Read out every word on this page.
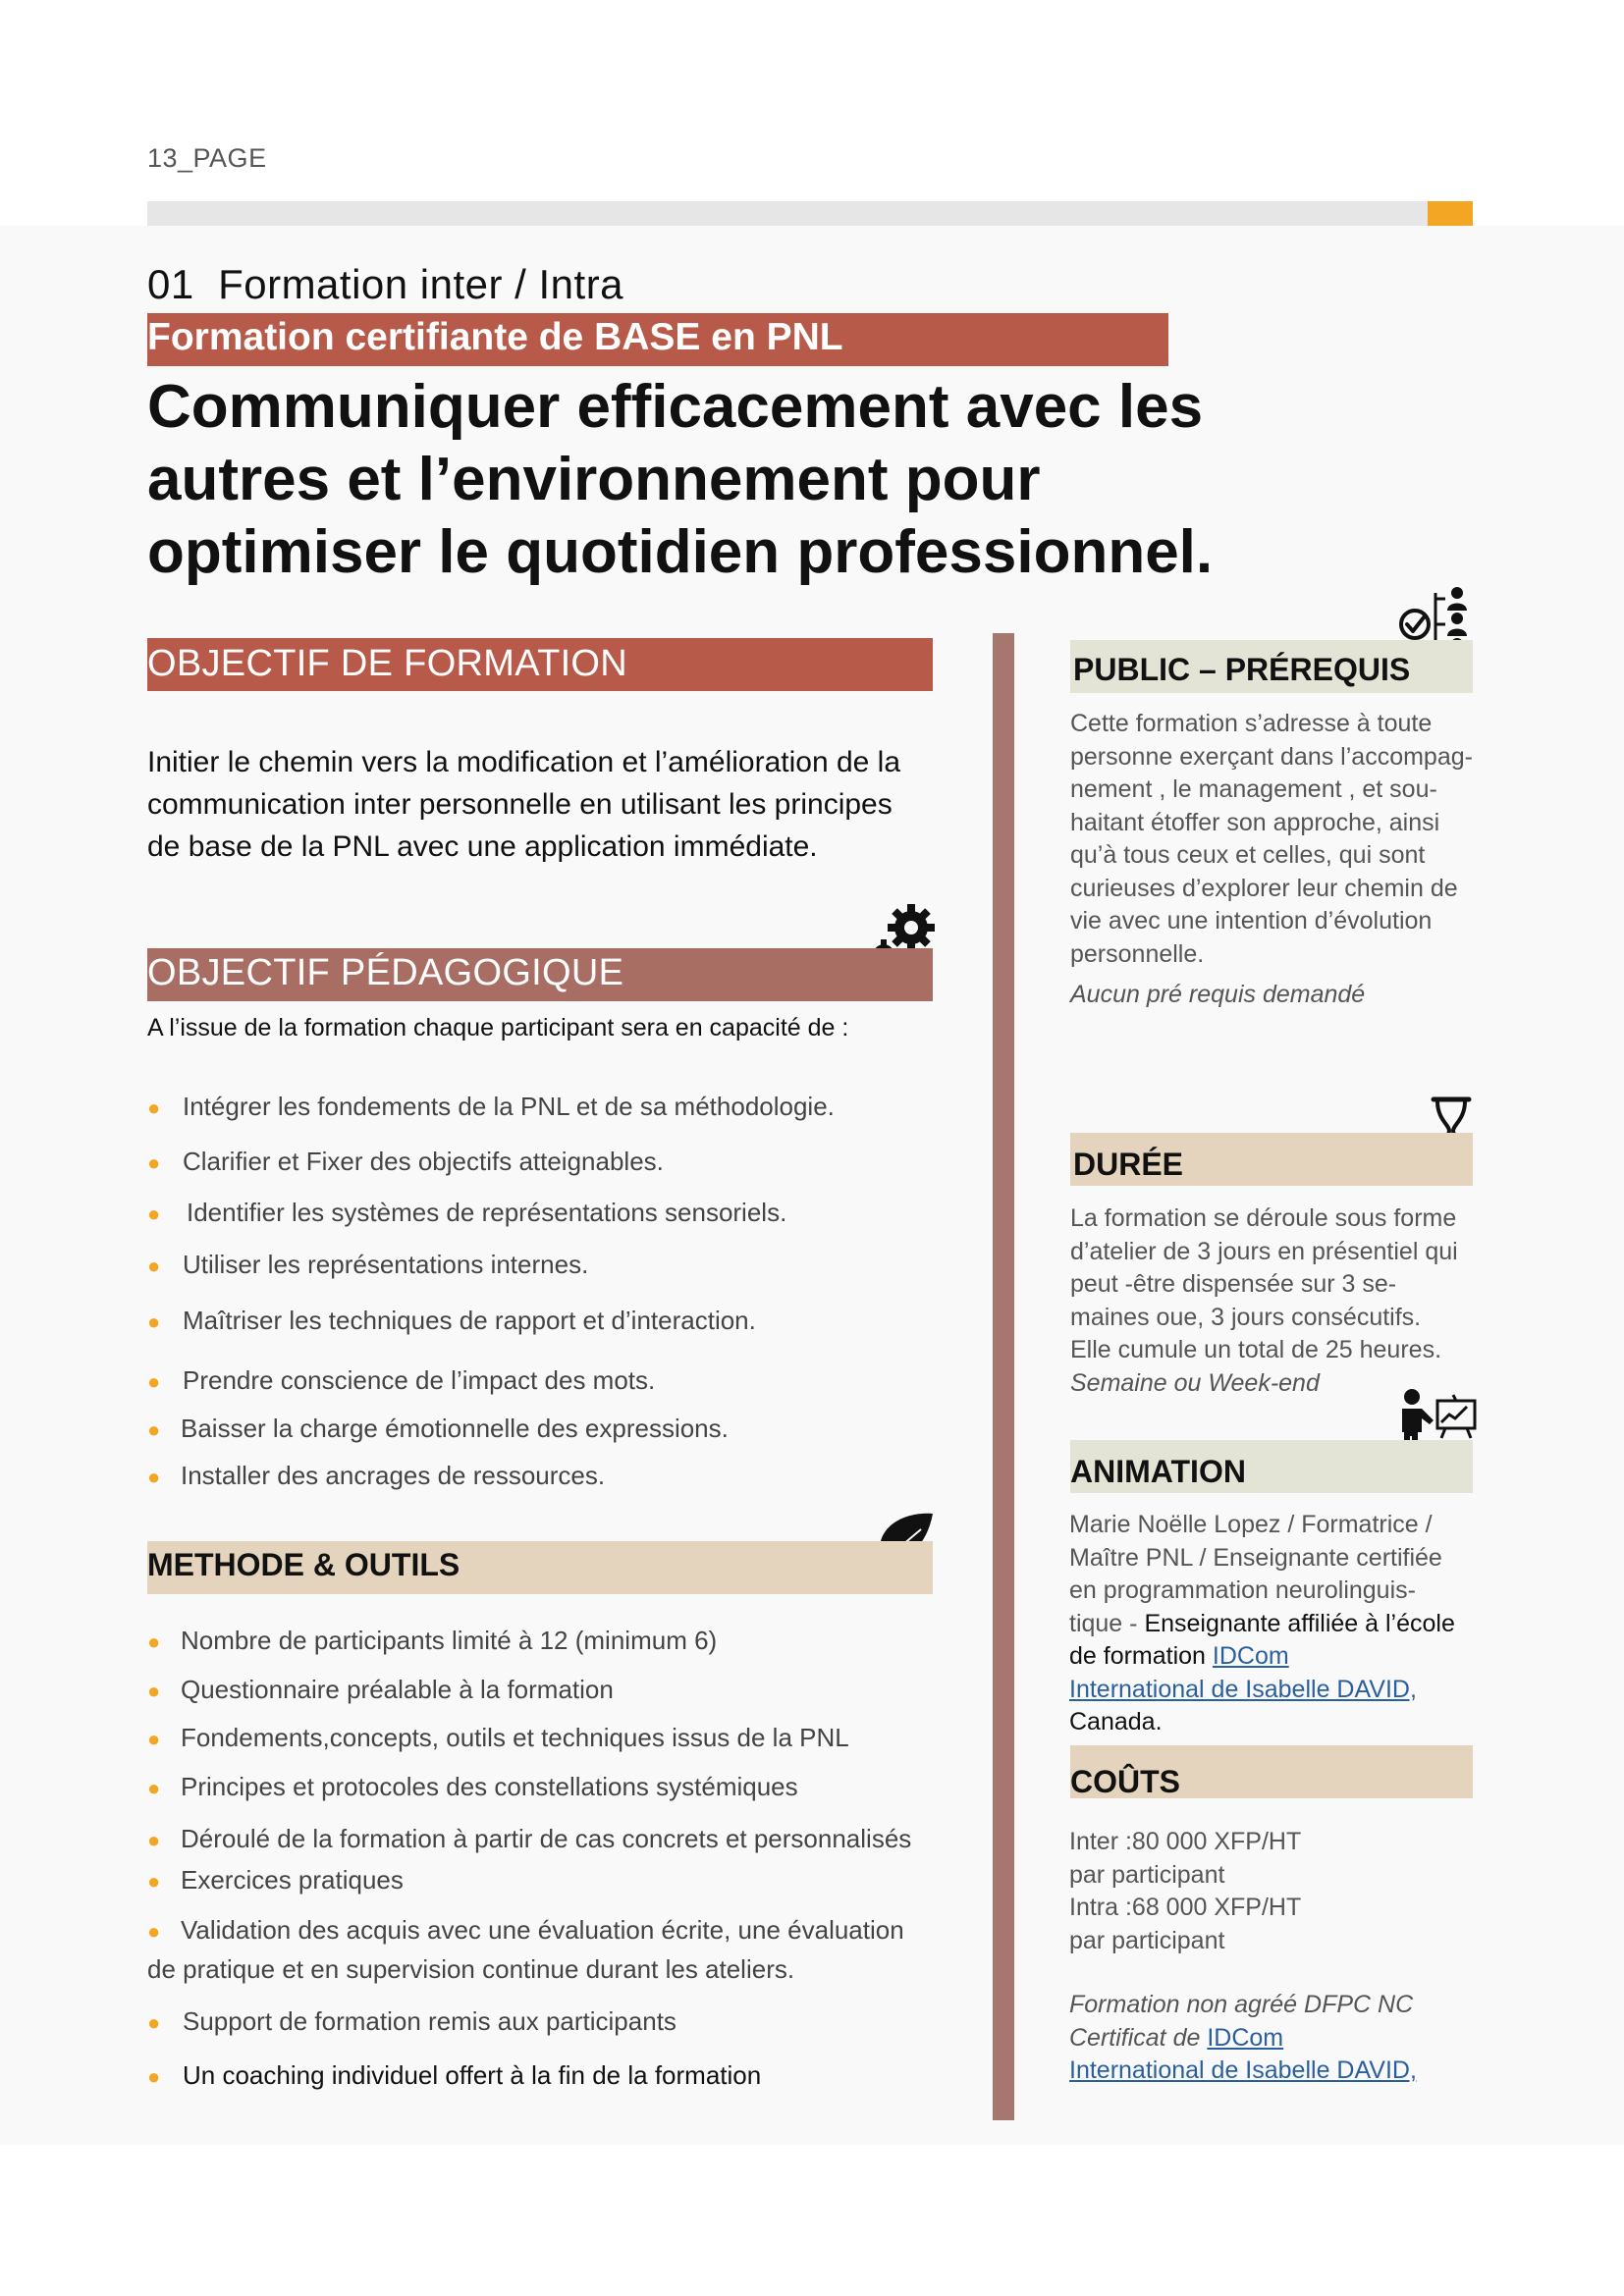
13_PAGE
01 Formation inter / Intra
Formation certifiante de BASE en PNL
Communiquer efficacement avec les
autres et l’environnement pour
optimiser le quotidien professionnel.
OBJECTIF DE FORMATION
Initier le chemin vers la modification et l’amélioration de la
communication inter personnelle en utilisant les principes
de base de la PNL avec une application immédiate.
OBJECTIF PÉDAGOGIQUE
A l’issue de la formation chaque participant sera en capacité de :
● Intégrer les fondements de la PNL et de sa méthodologie.
● Clarifier et Fixer des objectifs atteignables.
● Identifier les systèmes de représentations sensoriels.
● Utiliser les représentations internes.
● Maîtriser les techniques de rapport et d’interaction.
● Prendre conscience de l’impact des mots.
● Baisser la charge émotionnelle des expressions.
● Installer des ancrages de ressources.
METHODE & OUTILS
● Nombre de participants limité à 12 (minimum 6)
● Questionnaire préalable à la formation
● Fondements,concepts, outils et techniques issus de la PNL
● Principes et protocoles des constellations systémiques
● Déroulé de la formation à partir de cas concrets et personnalisés
● Exercices pratiques
● Validation des acquis avec une évaluation écrite, une évaluation
de pratique et en supervision continue durant les ateliers.
● Support de formation remis aux participants
● Un coaching individuel offert à la fin de la formation
PUBLIC – PRÉREQUIS
Cette formation s’adresse à toute
personne exerçant dans l’accompag-
nement , le management , et sou-
haitant étoffer son approche, ainsi
qu’à tous ceux et celles, qui sont
curieuses d’explorer leur chemin de
vie avec une intention d’évolution
personnelle.
Aucun pré requis demandé
DURÉE
La formation se déroule sous forme
d’atelier de 3 jours en présentiel qui
peut -être dispensée sur 3 se-
maines oue, 3 jours consécutifs.
Elle cumule un total de 25 heures.
Semaine ou Week-end
ANIMATION
Marie Noëlle Lopez / Formatrice /
Maître PNL / Enseignante certifiée
en programmation neurolinguis-
tique - Enseignante affiliée à l’école
de formation IDCom
International de Isabelle DAVID,
Canada.
COÛTS
Inter :80 000 XFP/HT
par participant
Intra :68 000 XFP/HT
par participant
Formation non agréé DFPC NC
Certificat de IDCom
International de Isabelle DAVID,
